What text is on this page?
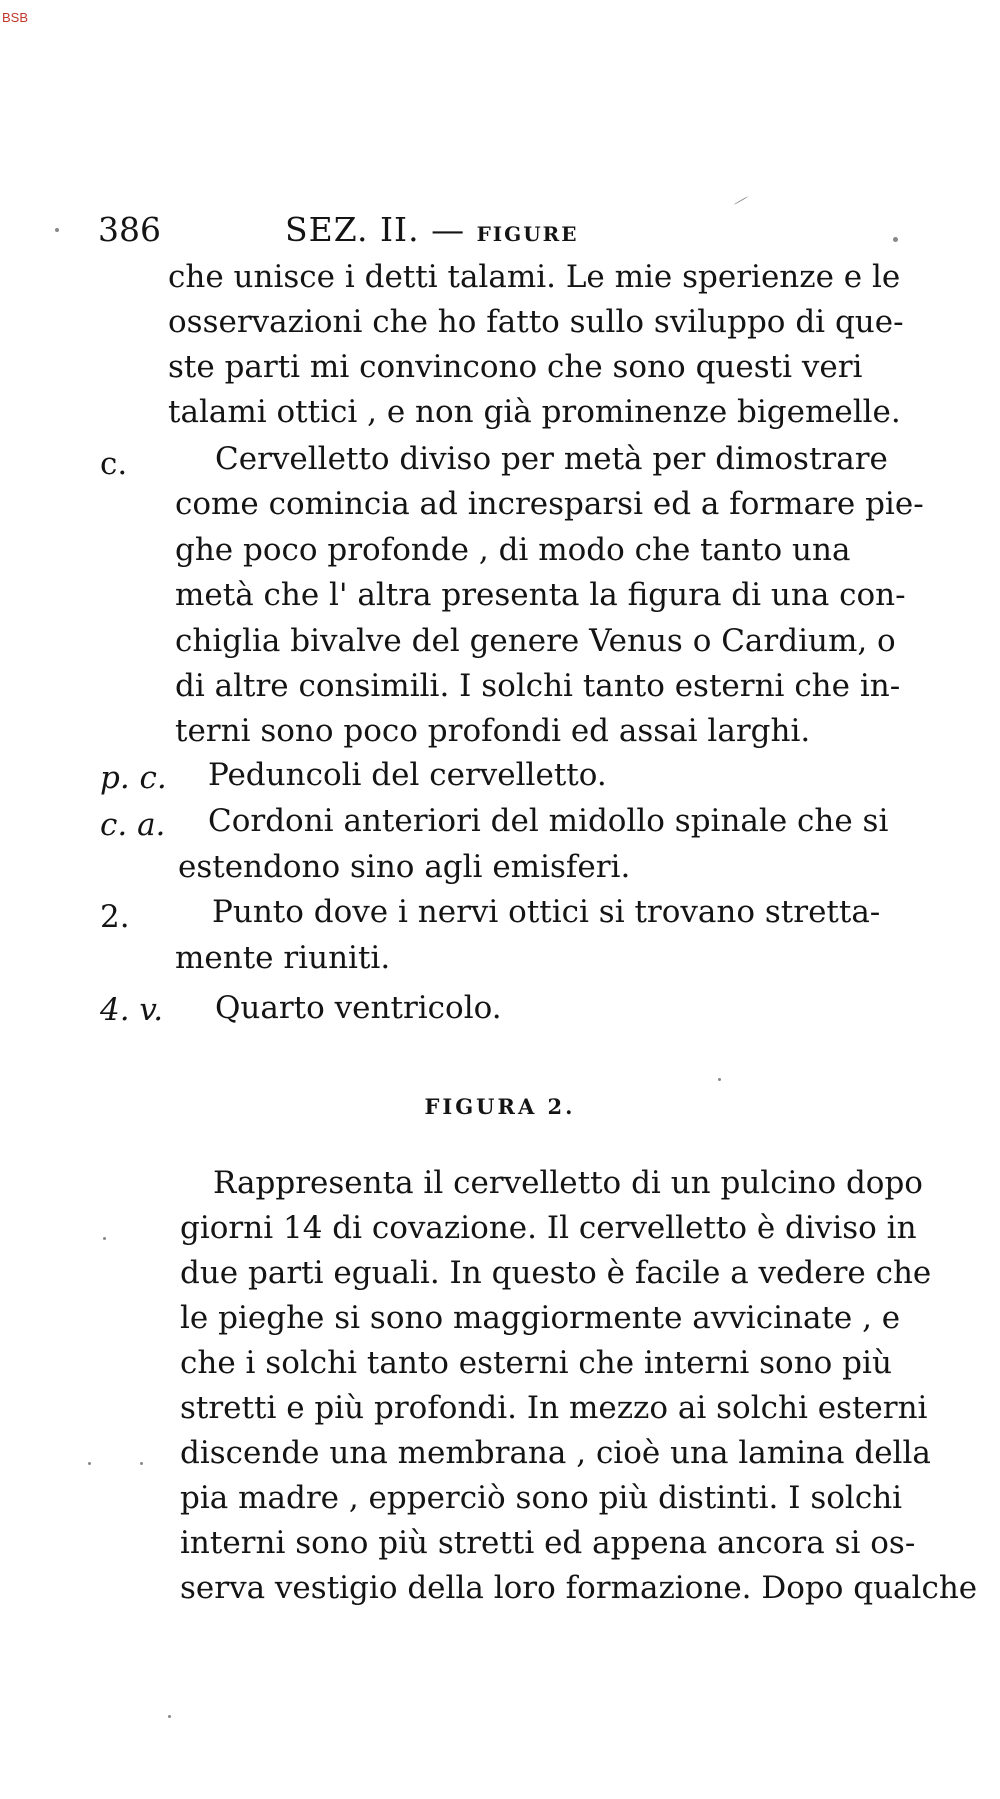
BSB
386	SEZ. II. — FIGURE
che unisce i detti talami. Le mie sperienze e le
osservazioni che ho fatto sullo sviluppo di que-
ste parti mi convincono che sono questi veri
talami ottici , e non già prominenze bigemelle.
c.	Cervelletto diviso per metà per dimostrare
come comincia ad incresparsi ed a formare pie-
ghe poco profonde , di modo che tanto una
metà che l' altra presenta la figura di una con-
chiglia bivalve del genere Venus o Cardium, o
di altre consimili. I solchi tanto esterni che in-
terni sono poco profondi ed assai larghi.
p. c. Peduncoli del cervelletto.
c. a. Cordoni anteriori del midollo spinale che si
estendono sino agli emisferi.
2.	Punto dove i nervi ottici si trovano stretta-
mente riuniti.
4. v. Quarto ventricolo.
FIGURA 2.
Rappresenta il cervelletto di un pulcino dopo
giorni 14 di covazione. Il cervelletto è diviso in
due parti eguali. In questo è facile a vedere che
le pieghe si sono maggiormente avvicinate , e
che i solchi tanto esterni che interni sono più
stretti e più profondi. In mezzo ai solchi esterni
discende una membrana , cioè una lamina della
pia madre , epperciò sono più distinti. I solchi
interni sono più stretti ed appena ancora si os-
serva vestigio della loro formazione. Dopo qualche
